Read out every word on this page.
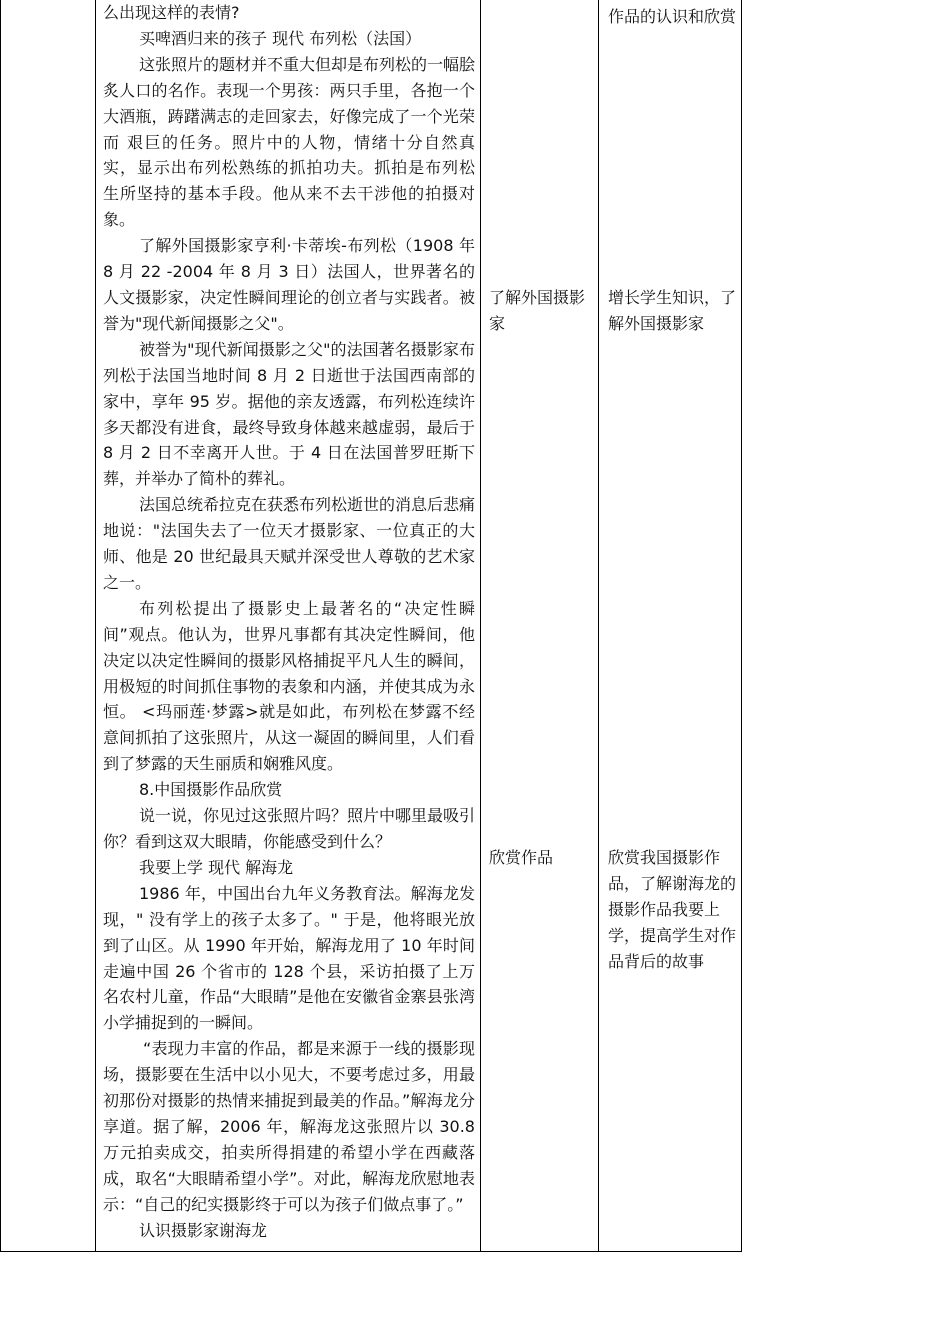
么出现这样的表情?

买啤酒归来的孩子 现代 布列松（法国）

这张照片的题材并不重大但却是布列松的一幅脍炙人口的名作。表现一个男孩：两只手里，各抱一个大酒瓶，踌躇满志的走回家去，好像完成了一个光荣而 艰巨的任务。照片中的人物，情绪十分自然真实，显示出布列松熟练的抓拍功夫。抓拍是布列松 生所坚持的基本手段。他从来不去干涉他的拍摄对象。

了解外国摄影家亨利·卡蒂埃-布列松（1908 年 8 月 22 -2004 年 8 月 3 日）法国人，世界著名的人文摄影家，决定性瞬间理论的创立者与实践者。被誉为"现代新闻摄影之父"。

被誉为"现代新闻摄影之父"的法国著名摄影家布列松于法国当地时间 8 月 2 日逝世于法国西南部的家中，享年 95 岁。据他的亲友透露，布列松连续许多天都没有进食，最终导致身体越来越虚弱，最后于 8 月 2 日不幸离开人世。于 4 日在法国普罗旺斯下葬，并举办了简朴的葬礼。

法国总统希拉克在获悉布列松逝世的消息后悲痛地说："法国失去了一位天才摄影家、一位真正的大师、他是 20 世纪最具天赋并深受世人尊敬的艺术家之一。

布列松提出了摄影史上最著名的“决定性瞬间”观点。他认为，世界凡事都有其决定性瞬间，他决定以决定性瞬间的摄影风格捕捉平凡人生的瞬间，用极短的时间抓住事物的表象和内涵，并使其成为永恒。 <玛丽莲·梦露>就是如此，布列松在梦露不经意间抓拍了这张照片，从这一凝固的瞬间里，人们看到了梦露的天生丽质和娴雅风度。

8.中国摄影作品欣赏

说一说，你见过这张照片吗？照片中哪里最吸引你？看到这双大眼睛，你能感受到什么？

我要上学 现代 解海龙

1986 年，中国出台九年义务教育法。解海龙发现，" 没有学上的孩子太多了。" 于是，他将眼光放到了山区。从 1990 年开始，解海龙用了 10 年时间走遍中国 26 个省市的 128 个县，采访拍摄了上万名农村儿童，作品“大眼睛”是他在安徽省金寨县张湾小学捕捉到的一瞬间。

“表现力丰富的作品，都是来源于一线的摄影现场，摄影要在生活中以小见大，不要考虑过多，用最初那份对摄影的热情来捕捉到最美的作品。”解海龙分享道。据了解，2006 年，解海龙这张照片以 30.8 万元拍卖成交，拍卖所得捐建的希望小学在西藏落成，取名“大眼睛希望小学”。对此，解海龙欣慰地表示：“自己的纪实摄影终于可以为孩子们做点事了。”

认识摄影家谢海龙

了解外国摄影家
欣赏作品
作品的认识和欣赏
增长学生知识，了解外国摄影家
欣赏我国摄影作品，了解谢海龙的摄影作品我要上学，提高学生对作品背后的故事
